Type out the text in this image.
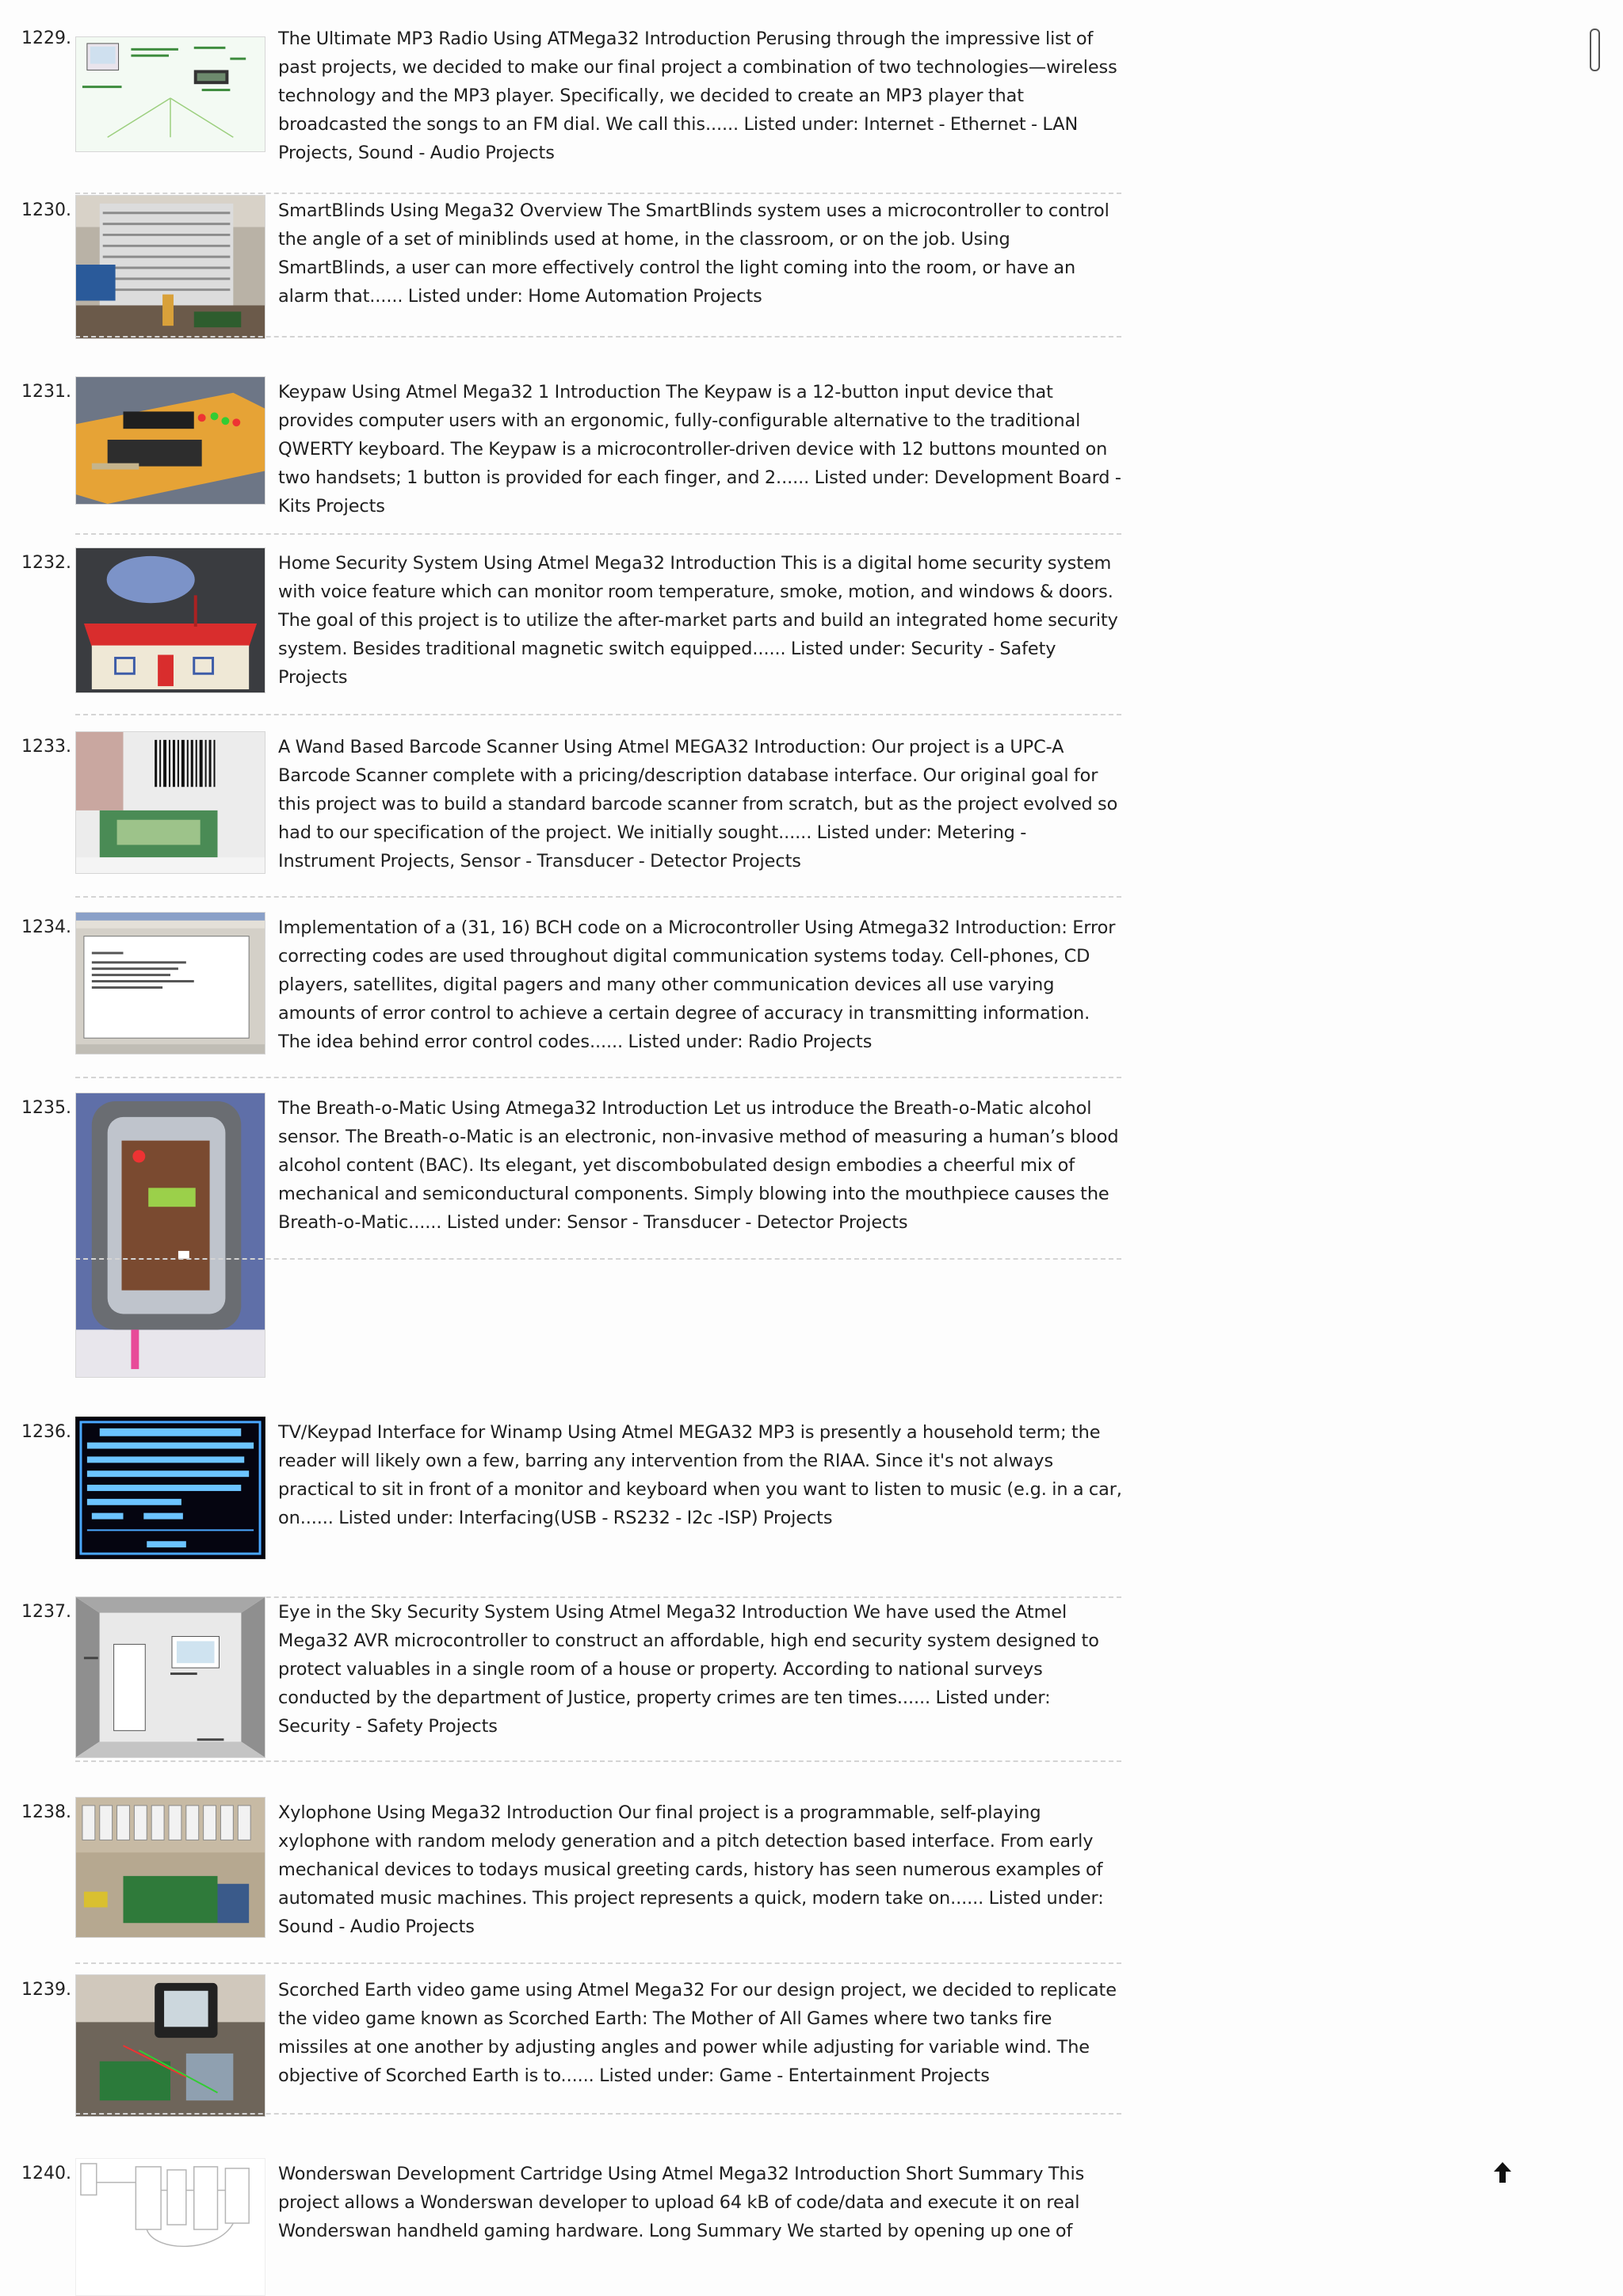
1229.	The Ultimate MP3 Radio Using ATMega32 Introduction Perusing through the impressive list of past projects, we decided to make our final project a combination of two technologies—wireless technology and the MP3 player. Specifically, we decided to create an MP3 player that broadcasted the songs to an FM dial. We call this...... Listed under: Internet - Ethernet - LAN Projects, Sound - Audio Projects

1230.	SmartBlinds Using Mega32 Overview The SmartBlinds system uses a microcontroller to control the angle of a set of miniblinds used at home, in the classroom, or on the job. Using SmartBlinds, a user can more effectively control the light coming into the room, or have an alarm that...... Listed under: Home Automation Projects

1231.	Keypaw Using Atmel Mega32 1 Introduction The Keypaw is a 12-button input device that provides computer users with an ergonomic, fully-configurable alternative to the traditional QWERTY keyboard. The Keypaw is a microcontroller-driven device with 12 buttons mounted on two handsets; 1 button is provided for each finger, and 2...... Listed under: Development Board - Kits Projects

1232.	Home Security System Using Atmel Mega32 Introduction This is a digital home security system with voice feature which can monitor room temperature, smoke, motion, and windows & doors. The goal of this project is to utilize the after-market parts and build an integrated home security system. Besides traditional magnetic switch equipped...... Listed under: Security - Safety Projects

1233.	A Wand Based Barcode Scanner Using Atmel MEGA32 Introduction: Our project is a UPC-A Barcode Scanner complete with a pricing/description database interface. Our original goal for this project was to build a standard barcode scanner from scratch, but as the project evolved so had to our specification of the project. We initially sought...... Listed under: Metering - Instrument Projects, Sensor - Transducer - Detector Projects

1234.	Implementation of a (31, 16) BCH code on a Microcontroller Using Atmega32 Introduction: Error correcting codes are used throughout digital communication systems today. Cell-phones, CD players, satellites, digital pagers and many other communication devices all use varying amounts of error control to achieve a certain degree of accuracy in transmitting information. The idea behind error control codes...... Listed under: Radio Projects

1235.	The Breath-o-Matic Using Atmega32 Introduction Let us introduce the Breath-o-Matic alcohol sensor. The Breath-o-Matic is an electronic, non-invasive method of measuring a human’s blood alcohol content (BAC). Its elegant, yet discombobulated design embodies a cheerful mix of mechanical and semiconductural components. Simply blowing into the mouthpiece causes the Breath-o-Matic...... Listed under: Sensor - Transducer - Detector Projects

1236.	TV/Keypad Interface for Winamp Using Atmel MEGA32 MP3 is presently a household term; the reader will likely own a few, barring any intervention from the RIAA. Since it's not always practical to sit in front of a monitor and keyboard when you want to listen to music (e.g. in a car, on...... Listed under: Interfacing(USB - RS232 - I2c -ISP) Projects

1237.	Eye in the Sky Security System Using Atmel Mega32 Introduction We have used the Atmel Mega32 AVR microcontroller to construct an affordable, high end security system designed to protect valuables in a single room of a house or property. According to national surveys conducted by the department of Justice, property crimes are ten times...... Listed under: Security - Safety Projects

1238.	Xylophone Using Mega32 Introduction Our final project is a programmable, self-playing xylophone with random melody generation and a pitch detection based interface. From early mechanical devices to todays musical greeting cards, history has seen numerous examples of automated music machines. This project represents a quick, modern take on...... Listed under: Sound - Audio Projects

1239.	Scorched Earth video game using Atmel Mega32 For our design project, we decided to replicate the video game known as Scorched Earth: The Mother of All Games where two tanks fire missiles at one another by adjusting angles and power while adjusting for variable wind. The objective of Scorched Earth is to...... Listed under: Game - Entertainment Projects

1240.	Wonderswan Development Cartridge Using Atmel Mega32 Introduction Short Summary This project allows a Wonderswan developer to upload 64 kB of code/data and execute it on real Wonderswan handheld gaming hardware. Long Summary We started by opening up one of
